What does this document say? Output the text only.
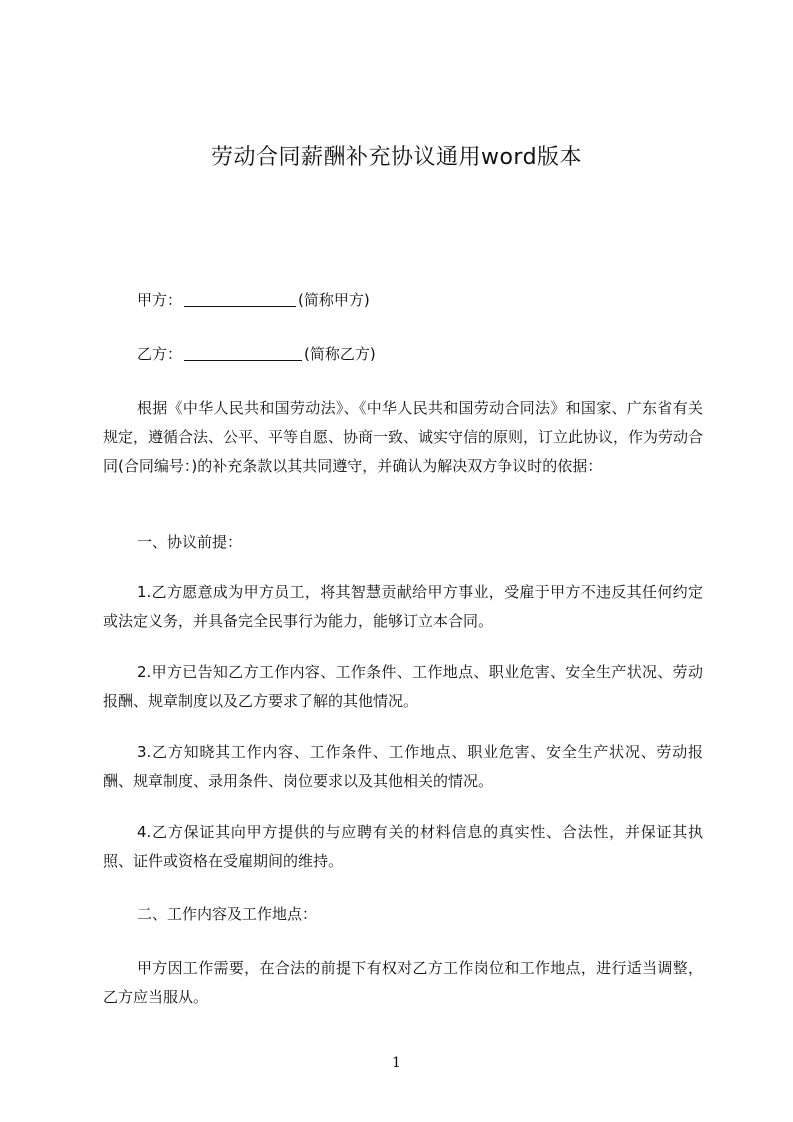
劳动合同薪酬补充协议通用word版本
甲方：	(简称甲方)
乙方：	(简称乙方)

根据《中华人民共和国劳动法》、《中华人民共和国劳动合同法》和国家、广东省有关规定，遵循合法、公平、平等自愿、协商一致、诚实守信的原则，订立此协议，作为劳动合同(合同编号：)的补充条款以其共同遵守，并确认为解决双方争议时的依据：

一、协议前提：

1.乙方愿意成为甲方员工，将其智慧贡献给甲方事业，受雇于甲方不违反其任何约定或法定义务，并具备完全民事行为能力，能够订立本合同。

2.甲方已告知乙方工作内容、工作条件、工作地点、职业危害、安全生产状况、劳动报酬、规章制度以及乙方要求了解的其他情况。

3.乙方知晓其工作内容、工作条件、工作地点、职业危害、安全生产状况、劳动报酬、规章制度、录用条件、岗位要求以及其他相关的情况。

4.乙方保证其向甲方提供的与应聘有关的材料信息的真实性、合法性，并保证其执照、证件或资格在受雇期间的维持。

二、工作内容及工作地点：

甲方因工作需要，在合法的前提下有权对乙方工作岗位和工作地点，进行适当调整，乙方应当服从。

1
